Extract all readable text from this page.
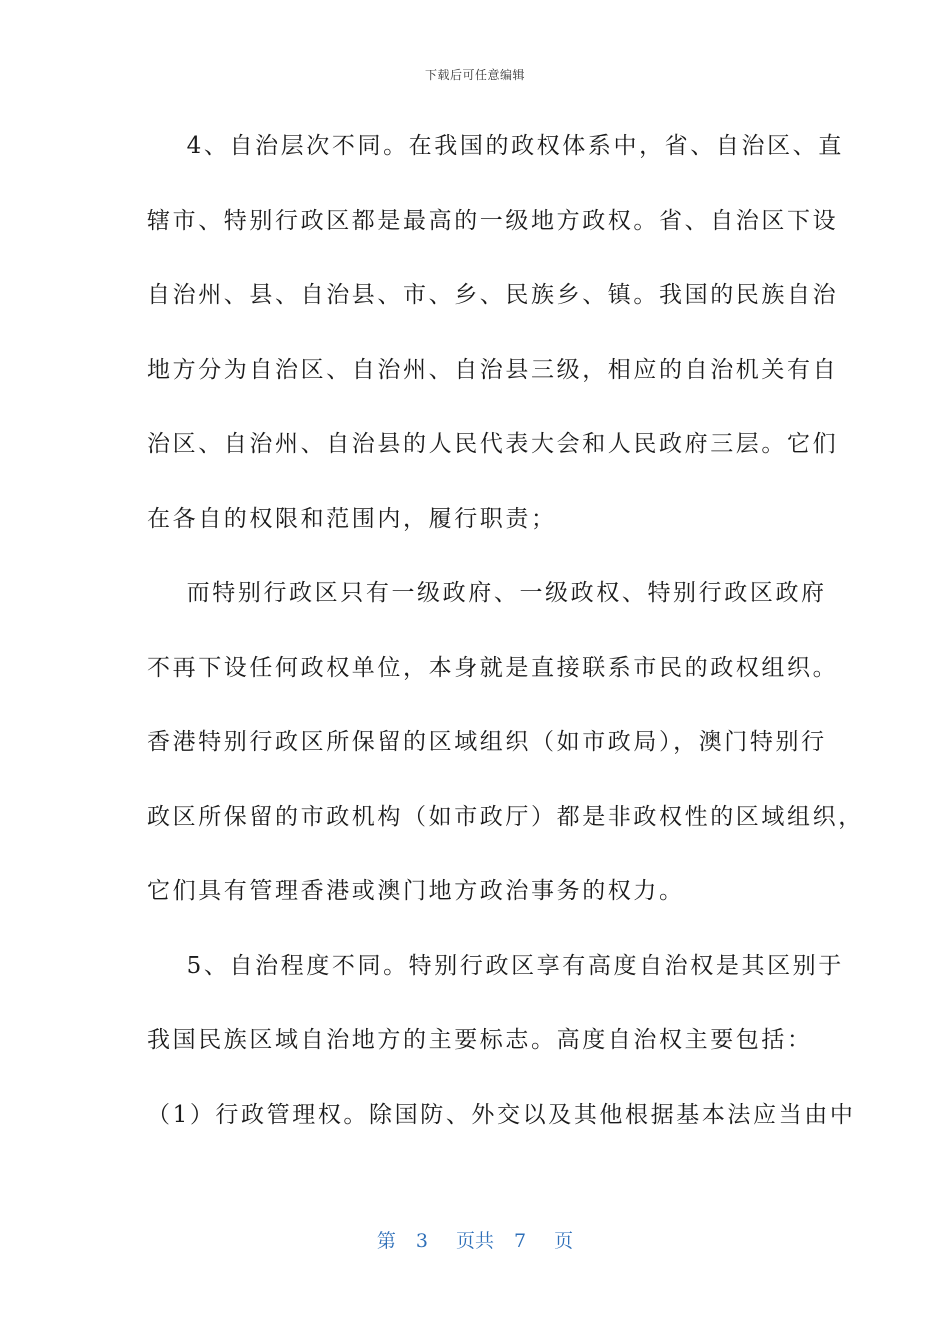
下载后可任意编辑
4、自治层次不同。在我国的政权体系中，省、自治区、直
辖市、特别行政区都是最高的一级地方政权。省、自治区下设
自治州、县、自治县、市、乡、民族乡、镇。我国的民族自治
地方分为自治区、自治州、自治县三级，相应的自治机关有自
治区、自治州、自治县的人民代表大会和人民政府三层。它们
在各自的权限和范围内，履行职责；
而特别行政区只有一级政府、一级政权、特别行政区政府
不再下设任何政权单位，本身就是直接联系市民的政权组织。
香港特别行政区所保留的区域组织（如市政局），澳门特别行
政区所保留的市政机构（如市政厅）都是非政权性的区域组织，
它们具有管理香港或澳门地方政治事务的权力。
5、自治程度不同。特别行政区享有高度自治权是其区别于
我国民族区域自治地方的主要标志。高度自治权主要包括：
（1）行政管理权。除国防、外交以及其他根据基本法应当由中
第 3 页共 7 页
